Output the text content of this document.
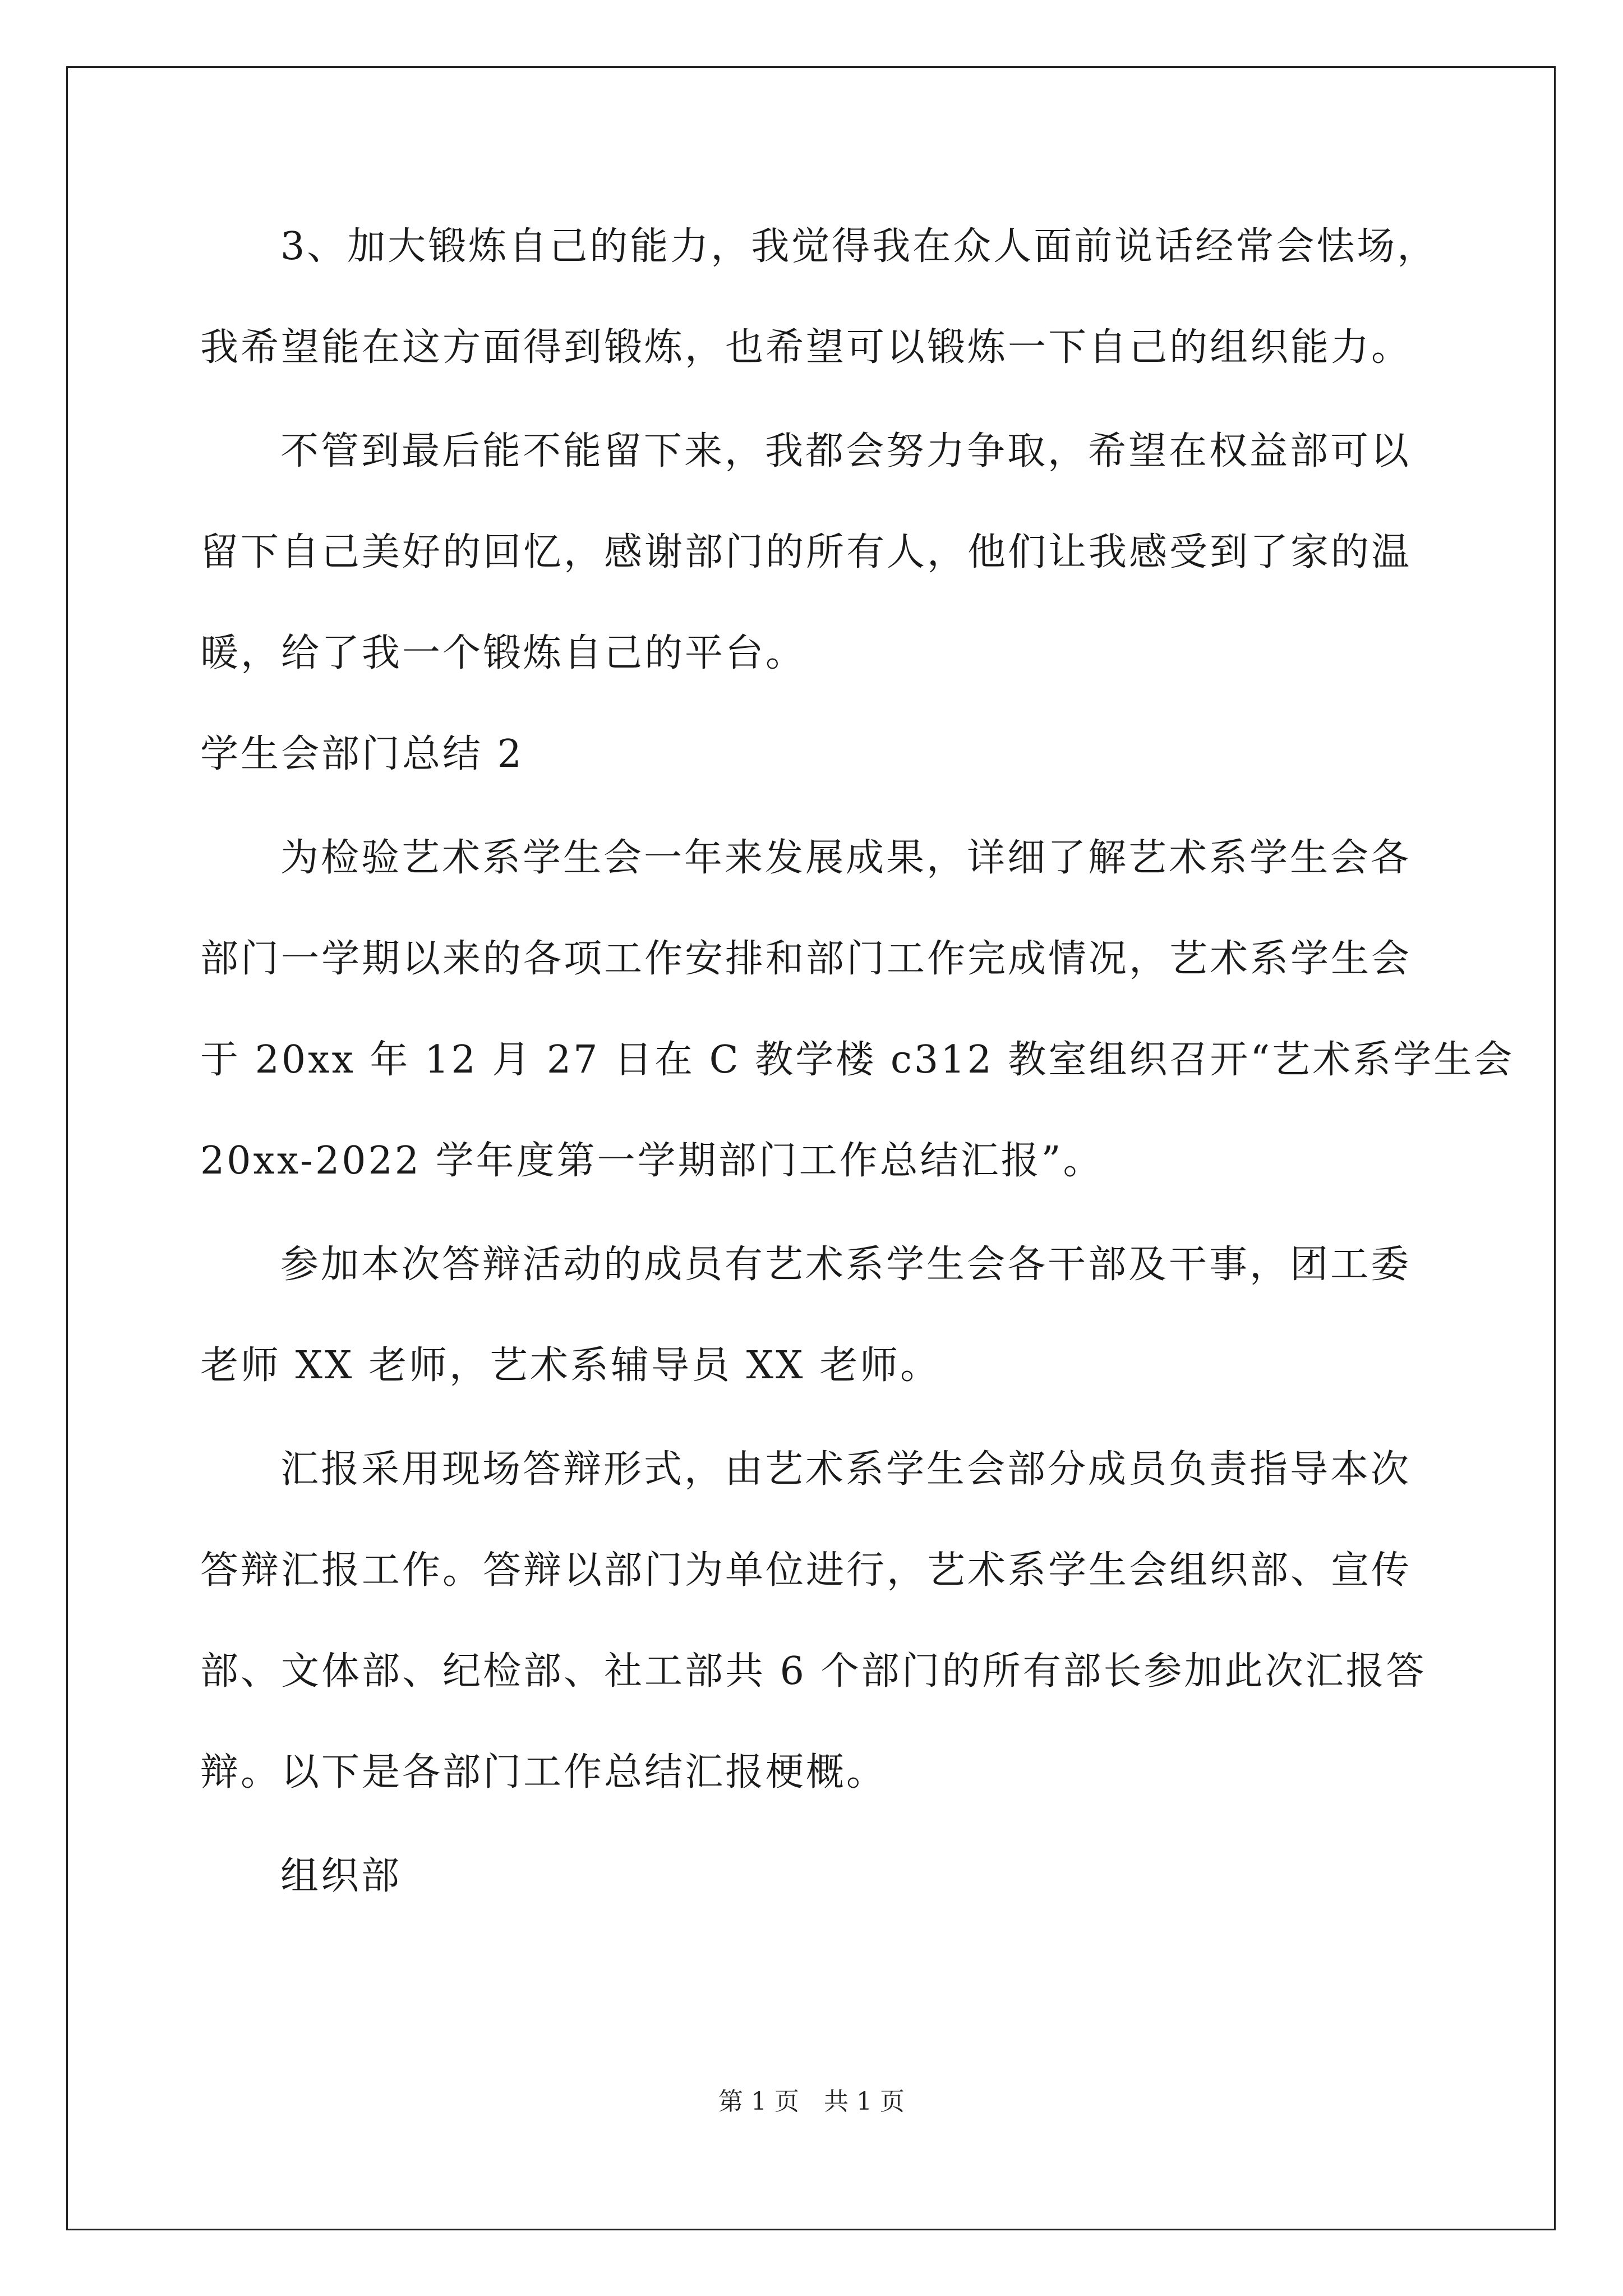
3、加大锻炼自己的能力，我觉得我在众人面前说话经常会怯场，
我希望能在这方面得到锻炼，也希望可以锻炼一下自己的组织能力。
不管到最后能不能留下来，我都会努力争取，希望在权益部可以
留下自己美好的回忆，感谢部门的所有人，他们让我感受到了家的温
暖，给了我一个锻炼自己的平台。
学生会部门总结 2
为检验艺术系学生会一年来发展成果，详细了解艺术系学生会各
部门一学期以来的各项工作安排和部门工作完成情况，艺术系学生会
于 20xx 年 12 月 27 日在 C 教学楼 c312 教室组织召开“艺术系学生会
20xx-2022 学年度第一学期部门工作总结汇报”。
参加本次答辩活动的成员有艺术系学生会各干部及干事，团工委
老师 XX 老师，艺术系辅导员 XX 老师。
汇报采用现场答辩形式，由艺术系学生会部分成员负责指导本次
答辩汇报工作。答辩以部门为单位进行，艺术系学生会组织部、宣传
部、文体部、纪检部、社工部共 6 个部门的所有部长参加此次汇报答
辩。以下是各部门工作总结汇报梗概。
组织部
第 1 页　共 1 页
